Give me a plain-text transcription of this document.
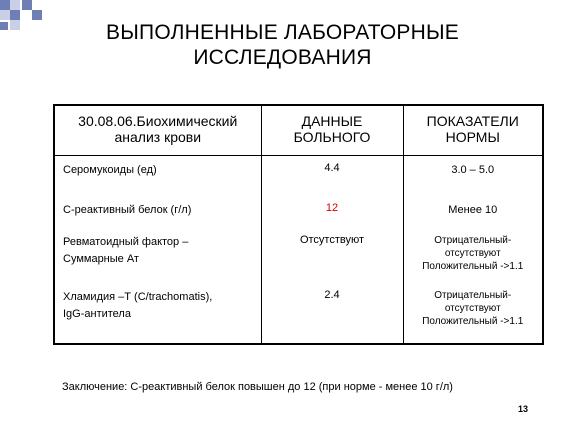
ВЫПОЛНЕННЫЕ ЛАБОРАТОРНЫЕ
ИССЛЕДОВАНИЯ
30.08.06.Биохимический анализ крови	ДАННЫЕ БОЛЬНОГО	ПОКАЗАТЕЛИ НОРМЫ

Серомукоиды (ед)	4.4	3.0 – 5.0

С-реактивный белок (г/л)	12	Менее 10

Ревматоидный фактор –
Суммарные Ат	Отсутствуют	Отрицательный-
отсутствуют
Положительный ->1.1

Хламидия –Т (С/trachomatis),
IgG-антитела	2.4	Отрицательный-
отсутствуют
Положительный ->1.1
Заключение: С-реактивный белок повышен до 12 (при норме - менее 10 г/л)
13
